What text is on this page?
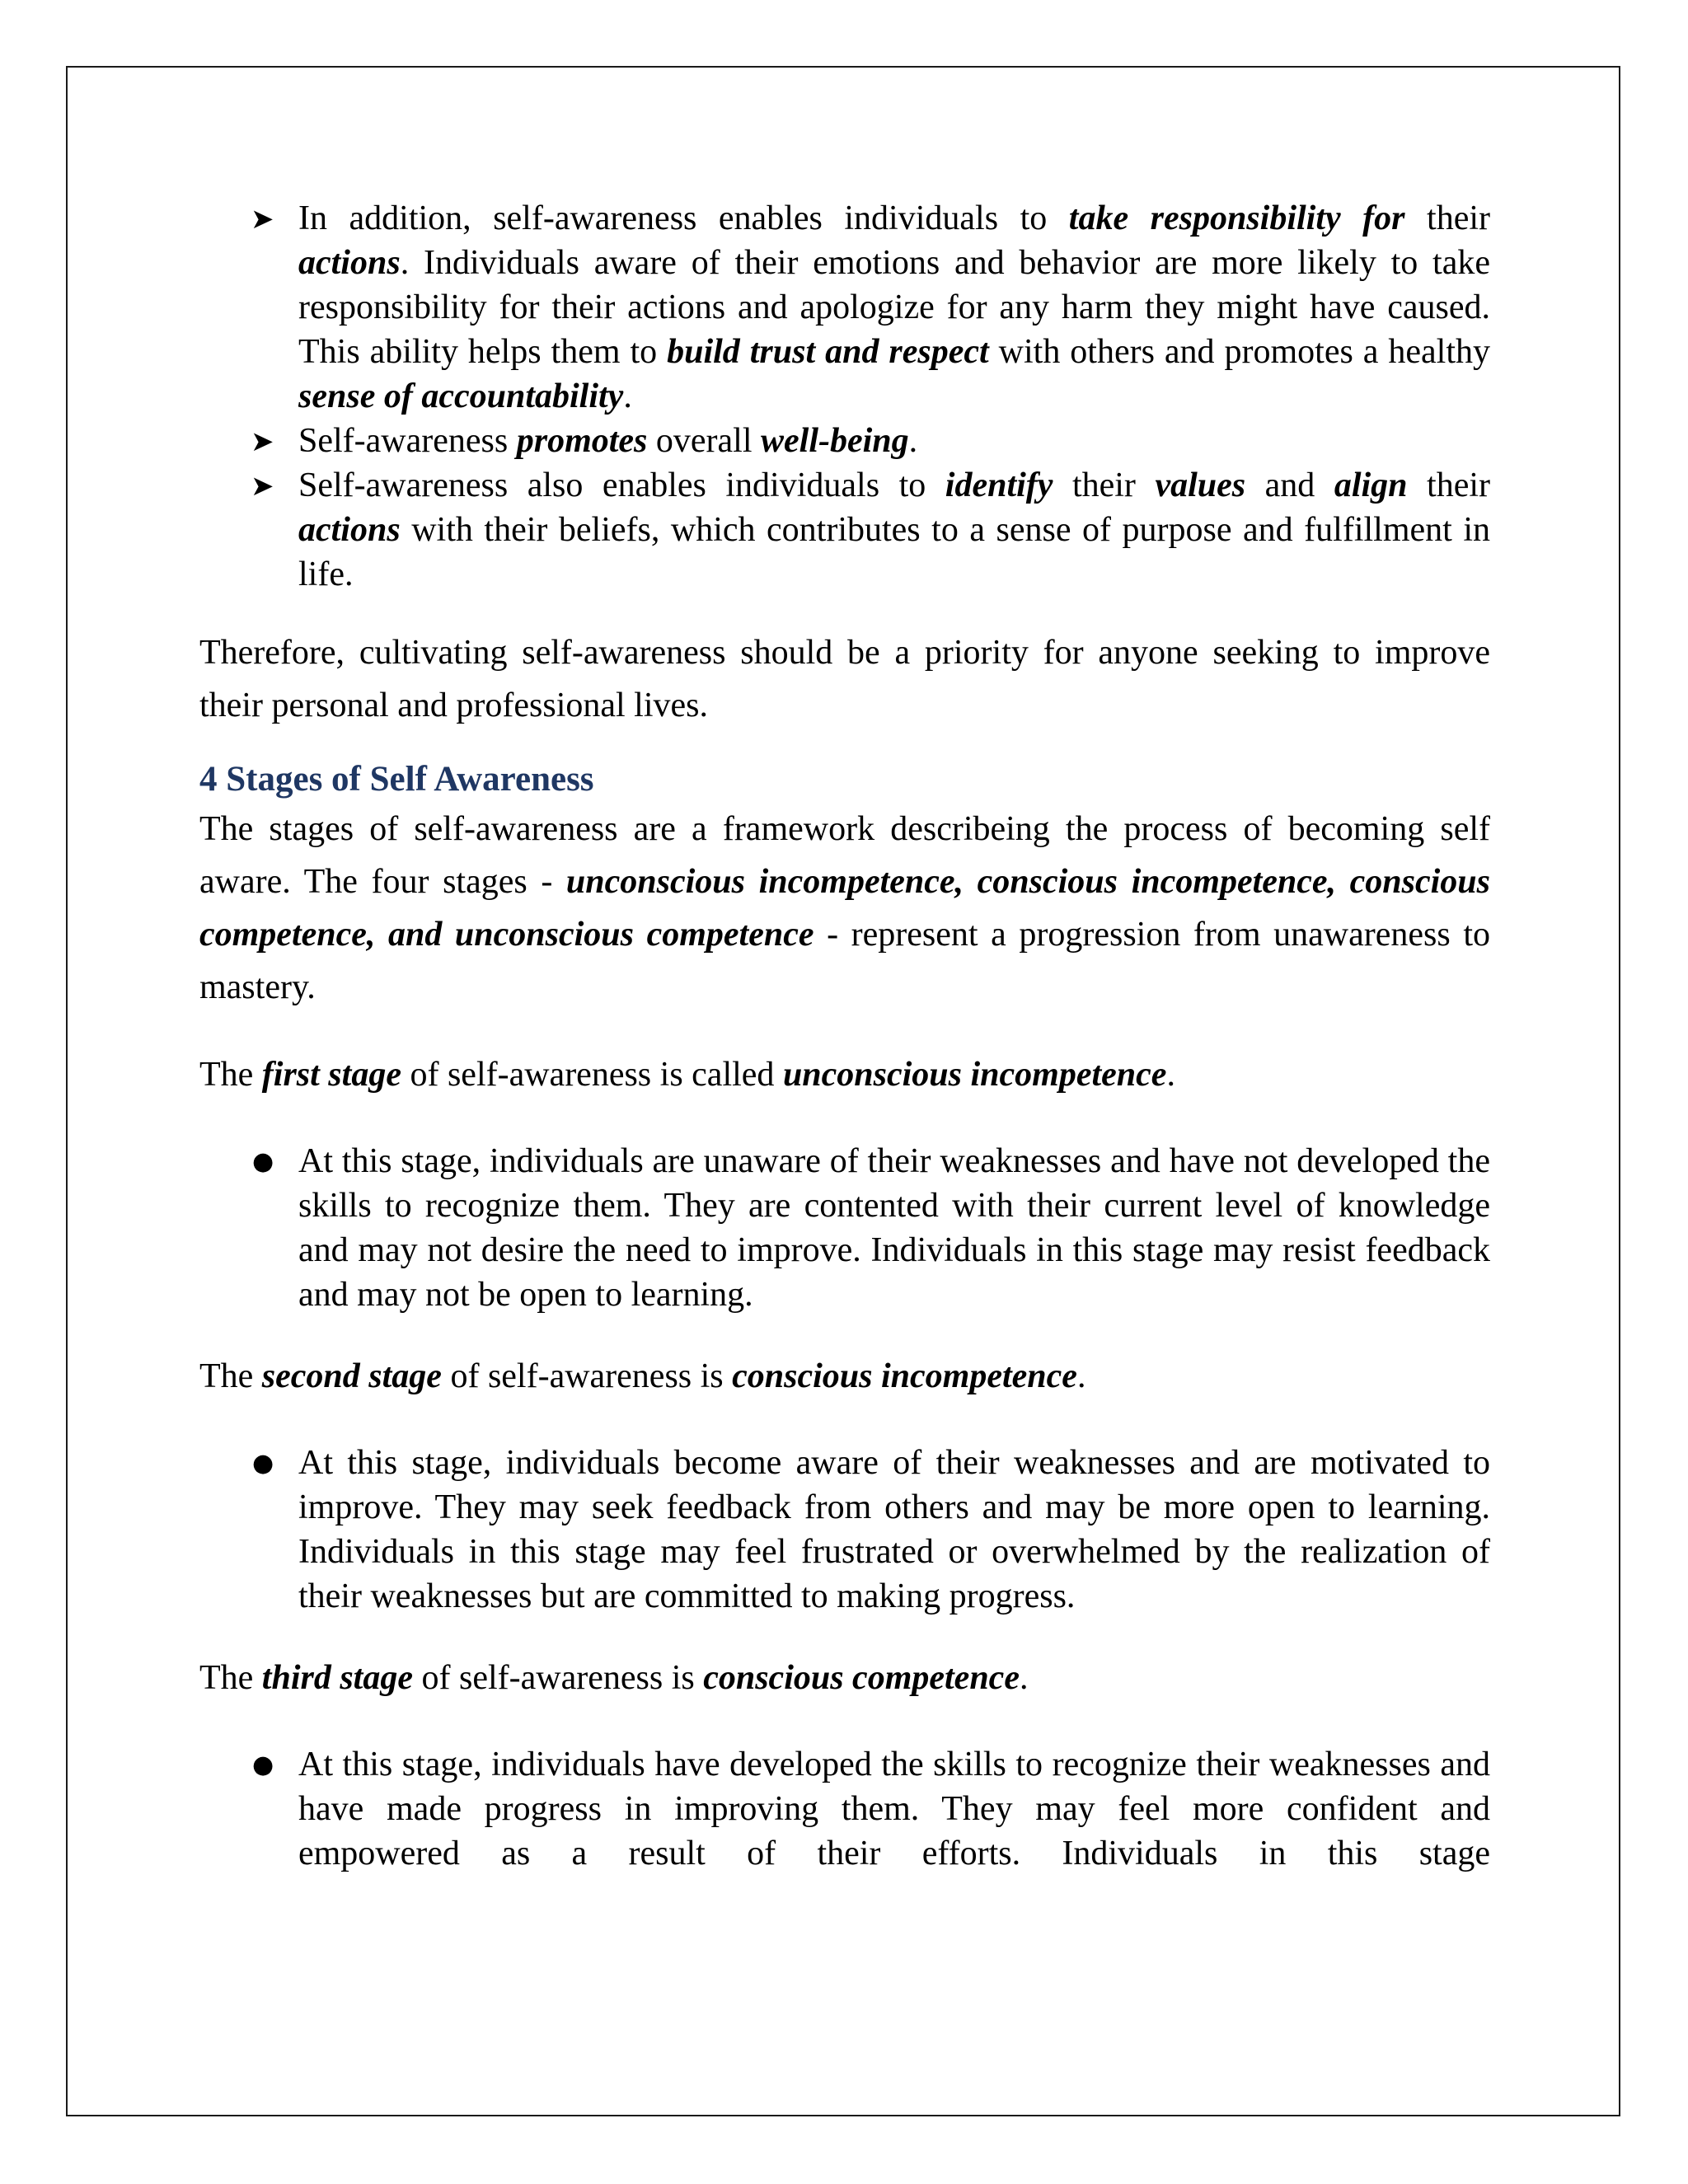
➤ In addition, self-awareness enables individuals to take responsibility for their actions. Individuals aware of their emotions and behavior are more likely to take responsibility for their actions and apologize for any harm they might have caused. This ability helps them to build trust and respect with others and promotes a healthy sense of accountability.
➤ Self-awareness promotes overall well-being.
➤ Self-awareness also enables individuals to identify their values and align their actions with their beliefs, which contributes to a sense of purpose and fulfillment in life.

Therefore, cultivating self-awareness should be a priority for anyone seeking to improve their personal and professional lives.

4 Stages of Self Awareness

The stages of self-awareness are a framework describeing the process of becoming self aware. The four stages - unconscious incompetence, conscious incompetence, conscious competence, and unconscious competence - represent a progression from unawareness to mastery.

The first stage of self-awareness is called unconscious incompetence.

● At this stage, individuals are unaware of their weaknesses and have not developed the skills to recognize them. They are contented with their current level of knowledge and may not desire the need to improve. Individuals in this stage may resist feedback and may not be open to learning.

The second stage of self-awareness is conscious incompetence.

● At this stage, individuals become aware of their weaknesses and are motivated to improve. They may seek feedback from others and may be more open to learning. Individuals in this stage may feel frustrated or overwhelmed by the realization of their weaknesses but are committed to making progress.

The third stage of self-awareness is conscious competence.

● At this stage, individuals have developed the skills to recognize their weaknesses and have made progress in improving them. They may feel more confident and empowered as a result of their efforts. Individuals in this stage
